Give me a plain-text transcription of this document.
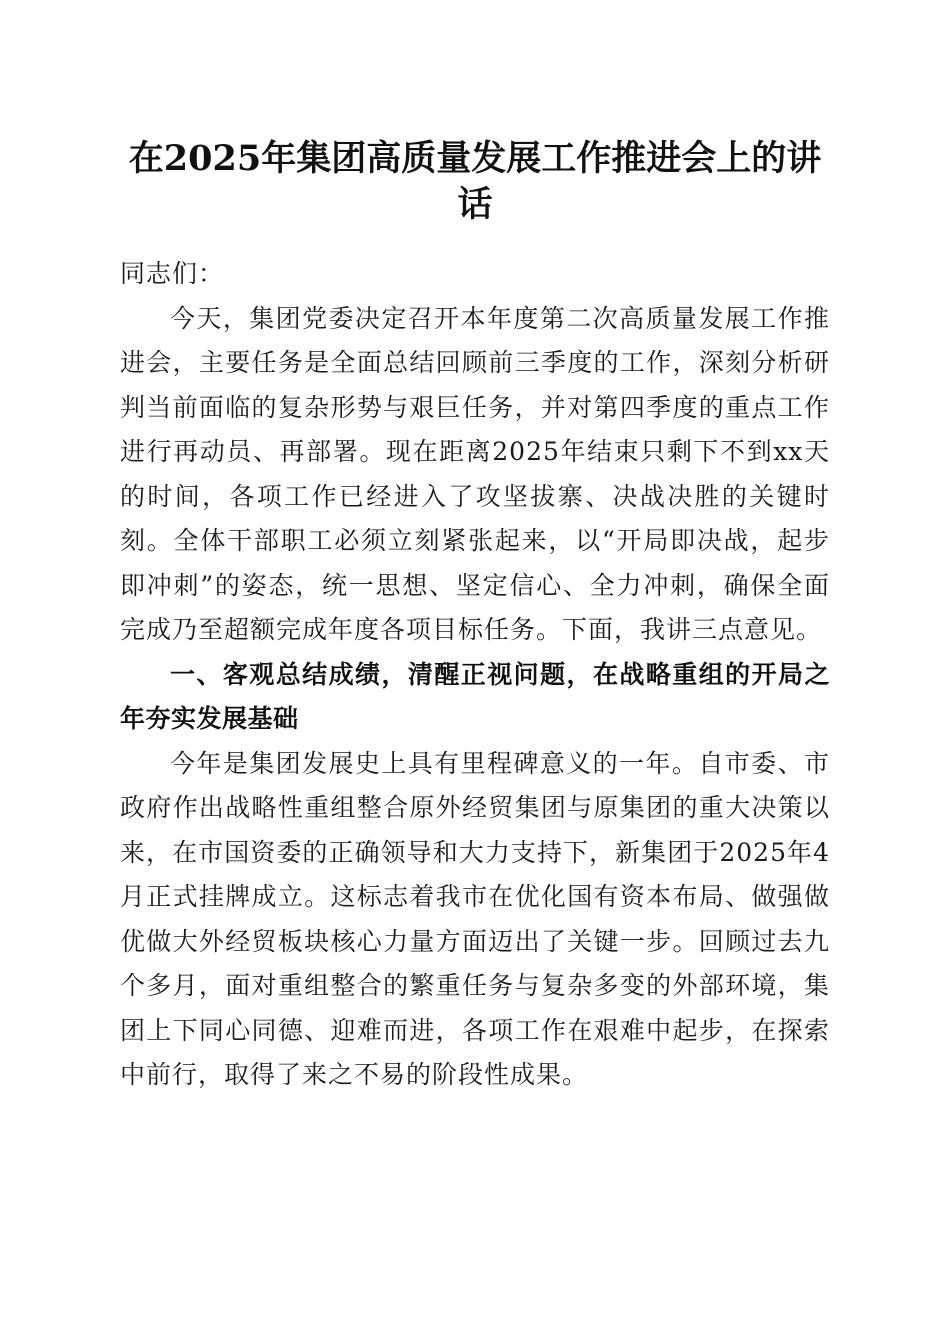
在2025年集团高质量发展工作推进会上的讲话

同志们：

今天，集团党委决定召开本年度第二次高质量发展工作推进会，主要任务是全面总结回顾前三季度的工作，深刻分析研判当前面临的复杂形势与艰巨任务，并对第四季度的重点工作进行再动员、再部署。现在距离2025年结束只剩下不到xx天的时间，各项工作已经进入了攻坚拔寨、决战决胜的关键时刻。全体干部职工必须立刻紧张起来，以“开局即决战，起步即冲刺”的姿态，统一思想、坚定信心、全力冲刺，确保全面完成乃至超额完成年度各项目标任务。下面，我讲三点意见。

一、客观总结成绩，清醒正视问题，在战略重组的开局之年夯实发展基础

今年是集团发展史上具有里程碑意义的一年。自市委、市政府作出战略性重组整合原外经贸集团与原集团的重大决策以来，在市国资委的正确领导和大力支持下，新集团于2025年4月正式挂牌成立。这标志着我市在优化国有资本布局、做强做优做大外经贸板块核心力量方面迈出了关键一步。回顾过去九个多月，面对重组整合的繁重任务与复杂多变的外部环境，集团上下同心同德、迎难而进，各项工作在艰难中起步，在探索中前行，取得了来之不易的阶段性成果。
